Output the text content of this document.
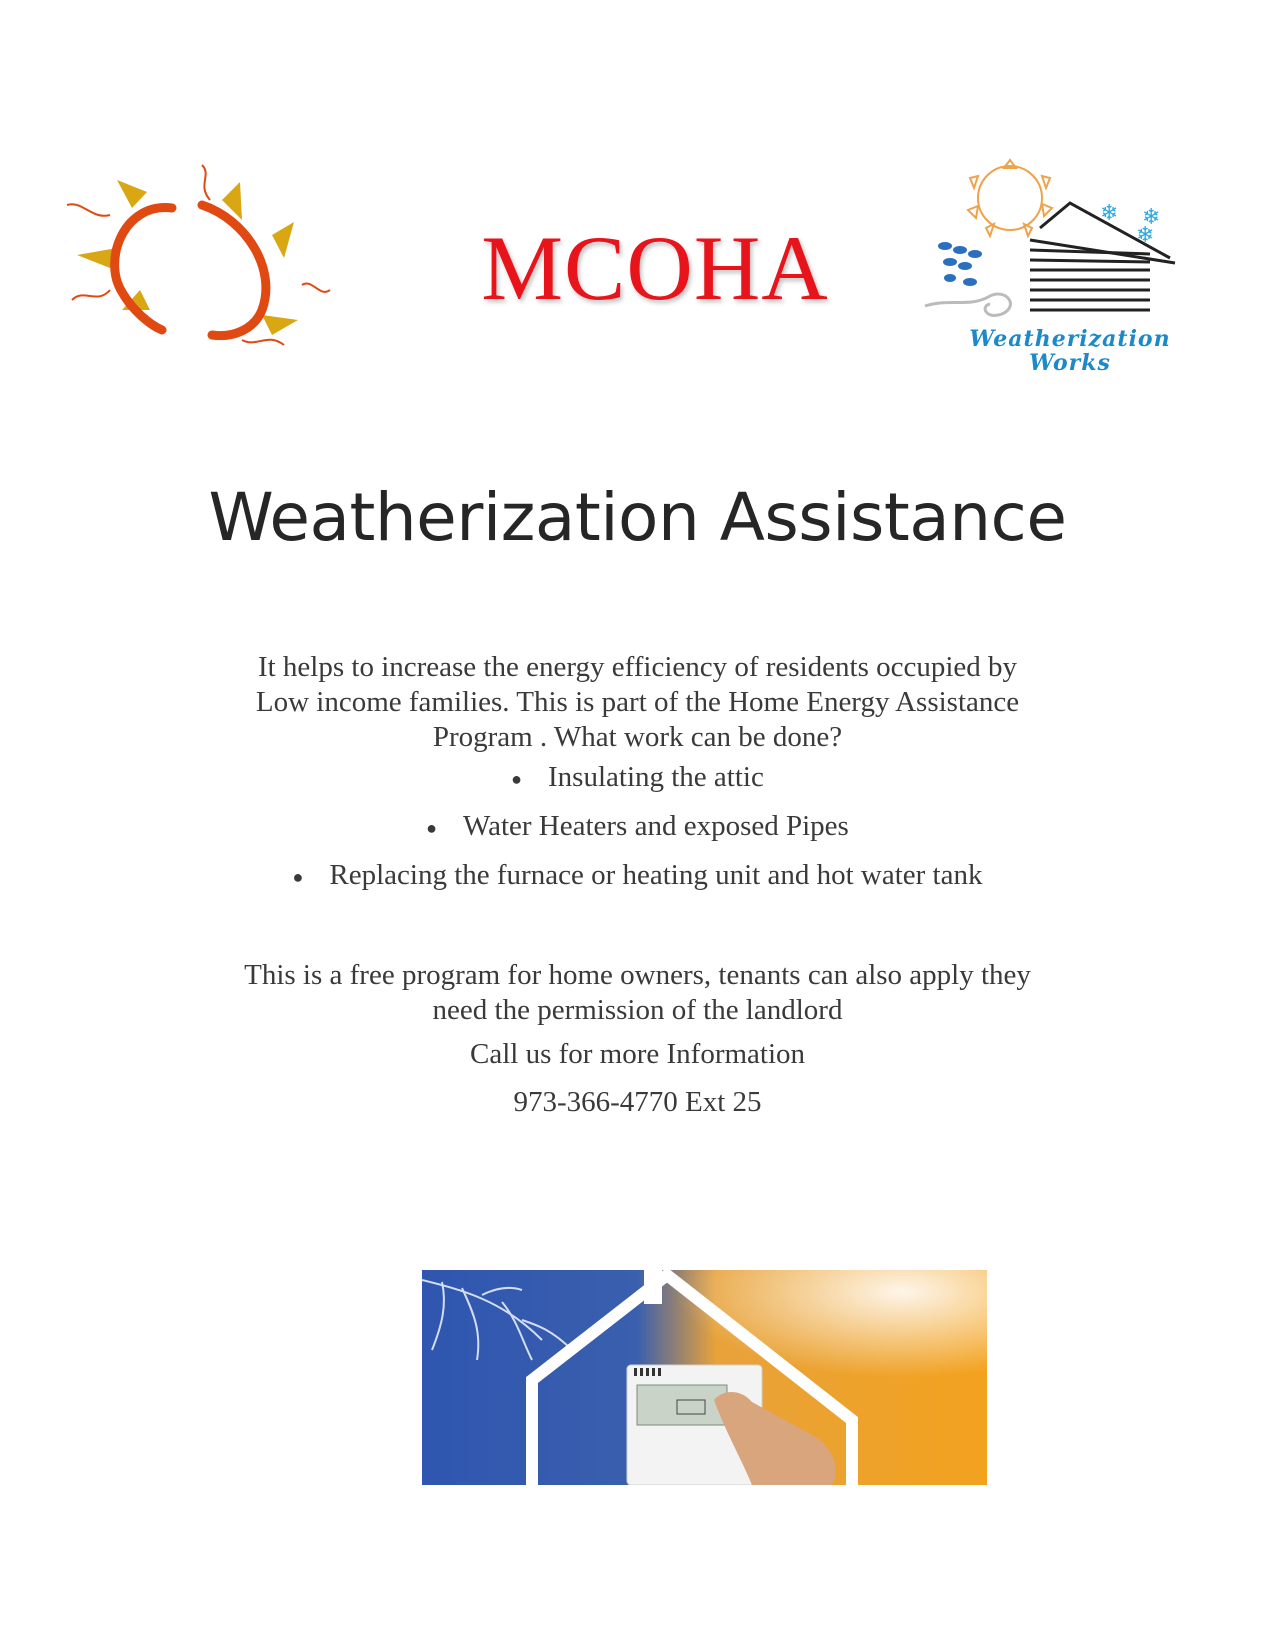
MCOHA
❄ ❄
❄
Weatherization
Works
Weatherization Assistance
It helps to increase the energy efficiency of residents occupied by
Low income families. This is part of the Home Energy Assistance
Program . What work can be done?
● Insulating the attic
● Water Heaters and exposed Pipes
● Replacing the furnace or heating unit and hot water tank
This is a free program for home owners, tenants can also apply they
need the permission of the landlord
Call us for more Information
973-366-4770 Ext 25
